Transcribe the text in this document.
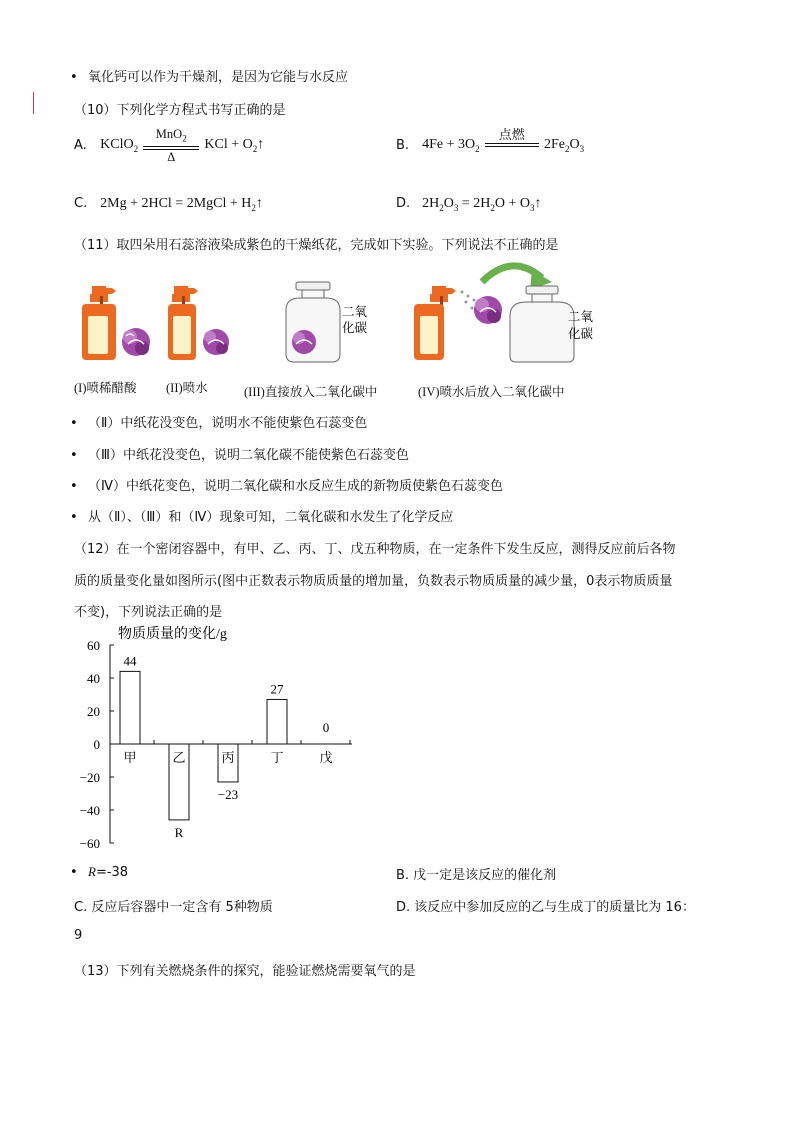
• 氧化钙可以作为干燥剂，是因为它能与水反应
（10）下列化学方程式书写正确的是
A. KClO$_2$
MnO$_2$
Δ
KCl + $O_2↑$	B. $4Fe + 3O_2$
点燃

$2Fe_2O_3$
C. 2Mg + 2HCl = 2MgCl + $H_2↑$	D. $2H_2O_3 = 2H_2O$ + $O_3↑$
（11）取四朵用石蕊溶液染成紫色的干燥纸花，完成如下实验。下列说法不正确的是
二氧
化碳
二氧
化碳
(I)喷稀醋酸 (II)喷水	(III)直接放入二氧化碳中	(IV)喷水后放入二氧化碳中
• （Ⅱ）中纸花没变色，说明水不能使紫色石蕊变色
• （Ⅲ）中纸花没变色，说明二氧化碳不能使紫色石蕊变色
• （Ⅳ）中纸花变色，说明二氧化碳和水反应生成的新物质使紫色石蕊变色
• 从（Ⅱ）、（Ⅲ）和（Ⅳ）现象可知，二氧化碳和水发生了化学反应
（12）在一个密闭容器中，有甲、乙、丙、丁、戊五种物质，在一定条件下发生反应，测得反应前后各物
质的质量变化量如图所示(图中正数表示物质质量的增加量，负数表示物质质量的减少量，0表示物质质量
不变)，下列说法正确的是
物质质量的变化/g
60
40
20
0
−20
−40
−60
甲
44
乙
R
丙
−23
丁
27
戊
0
• R=-38	B. 戊一定是该反应的催化剂
C. 反应后容器中一定含有 5种物质	D. 该反应中参加反应的乙与生成丁的质量比为 16：
9
（13）下列有关燃烧条件的探究，能验证燃烧需要氧气的是
